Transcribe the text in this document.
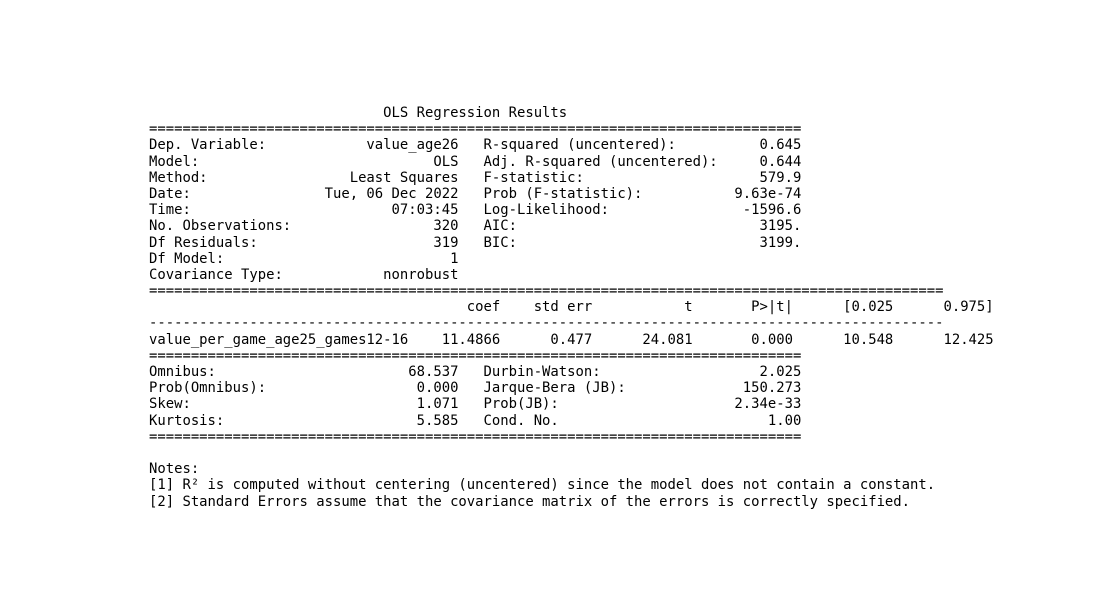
OLS Regression Results
==============================================================================
Dep. Variable:            value_age26   R-squared (uncentered):          0.645
Model:                            OLS   Adj. R-squared (uncentered):     0.644
Method:                 Least Squares   F-statistic:                     579.9
Date:                Tue, 06 Dec 2022   Prob (F-statistic):           9.63e-74
Time:                        07:03:45   Log-Likelihood:                -1596.6
No. Observations:                 320   AIC:                             3195.
Df Residuals:                     319   BIC:                             3199.
Df Model:                           1
Covariance Type:            nonrobust
===============================================================================================
coef    std err           t       P>|t|      [0.025      0.975]
-----------------------------------------------------------------------------------------------
value_per_game_age25_games12-16    11.4866      0.477      24.081       0.000      10.548      12.425
==============================================================================
Omnibus:                       68.537   Durbin-Watson:                   2.025
Prob(Omnibus):                  0.000   Jarque-Bera (JB):              150.273
Skew:                           1.071   Prob(JB):                     2.34e-33
Kurtosis:                       5.585   Cond. No.                         1.00
==============================================================================

Notes:
[1] R² is computed without centering (uncentered) since the model does not contain a constant.
[2] Standard Errors assume that the covariance matrix of the errors is correctly specified.
